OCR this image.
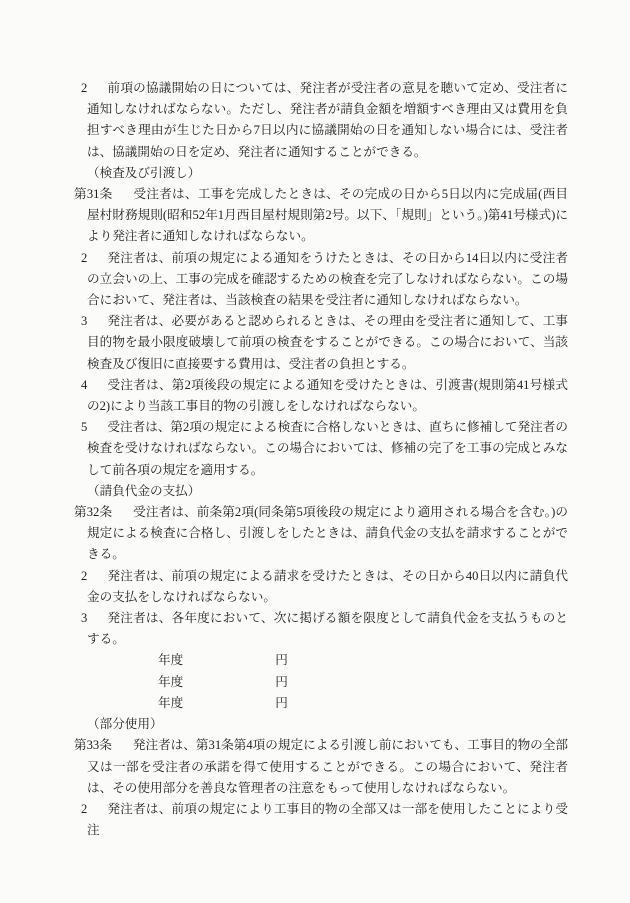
2 前項の協議開始の日については、発注者が受注者の意見を聴いて定め、受注者に通知しなければならない。ただし、発注者が請負金額を増額すべき理由又は費用を負担すべき理由が生じた日から7日以内に協議開始の日を通知しない場合には、受注者は、協議開始の日を定め、発注者に通知することができる。

（検査及び引渡し）

第31条 受注者は、工事を完成したときは、その完成の日から5日以内に完成届(西目屋村財務規則(昭和52年1月西目屋村規則第2号。以下、「規則」という。)第41号様式)により発注者に通知しなければならない。

2 発注者は、前項の規定による通知をうけたときは、その日から14日以内に受注者の立会いの上、工事の完成を確認するための検査を完了しなければならない。この場合において、発注者は、当該検査の結果を受注者に通知しなければならない。

3 発注者は、必要があると認められるときは、その理由を受注者に通知して、工事目的物を最小限度破壊して前項の検査をすることができる。この場合において、当該検査及び復旧に直接要する費用は、受注者の負担とする。

4 受注者は、第2項後段の規定による通知を受けたときは、引渡書(規則第41号様式の2)により当該工事目的物の引渡しをしなければならない。

5 受注者は、第2項の規定による検査に合格しないときは、直ちに修補して発注者の検査を受けなければならない。この場合においては、修補の完了を工事の完成とみなして前各項の規定を適用する。

（請負代金の支払）

第32条 受注者は、前条第2項(同条第5項後段の規定により適用される場合を含む。)の規定による検査に合格し、引渡しをしたときは、請負代金の支払を請求することができる。

2 発注者は、前項の規定による請求を受けたときは、その日から40日以内に請負代金の支払をしなければならない。

3 発注者は、各年度において、次に掲げる額を限度として請負代金を支払うものとする。

年度	円

年度	円

年度	円

（部分使用）

第33条 発注者は、第31条第4項の規定による引渡し前においても、工事目的物の全部又は一部を受注者の承諾を得て使用することができる。この場合において、発注者は、その使用部分を善良な管理者の注意をもって使用しなければならない。

2 発注者は、前項の規定により工事目的物の全部又は一部を使用したことにより受注
